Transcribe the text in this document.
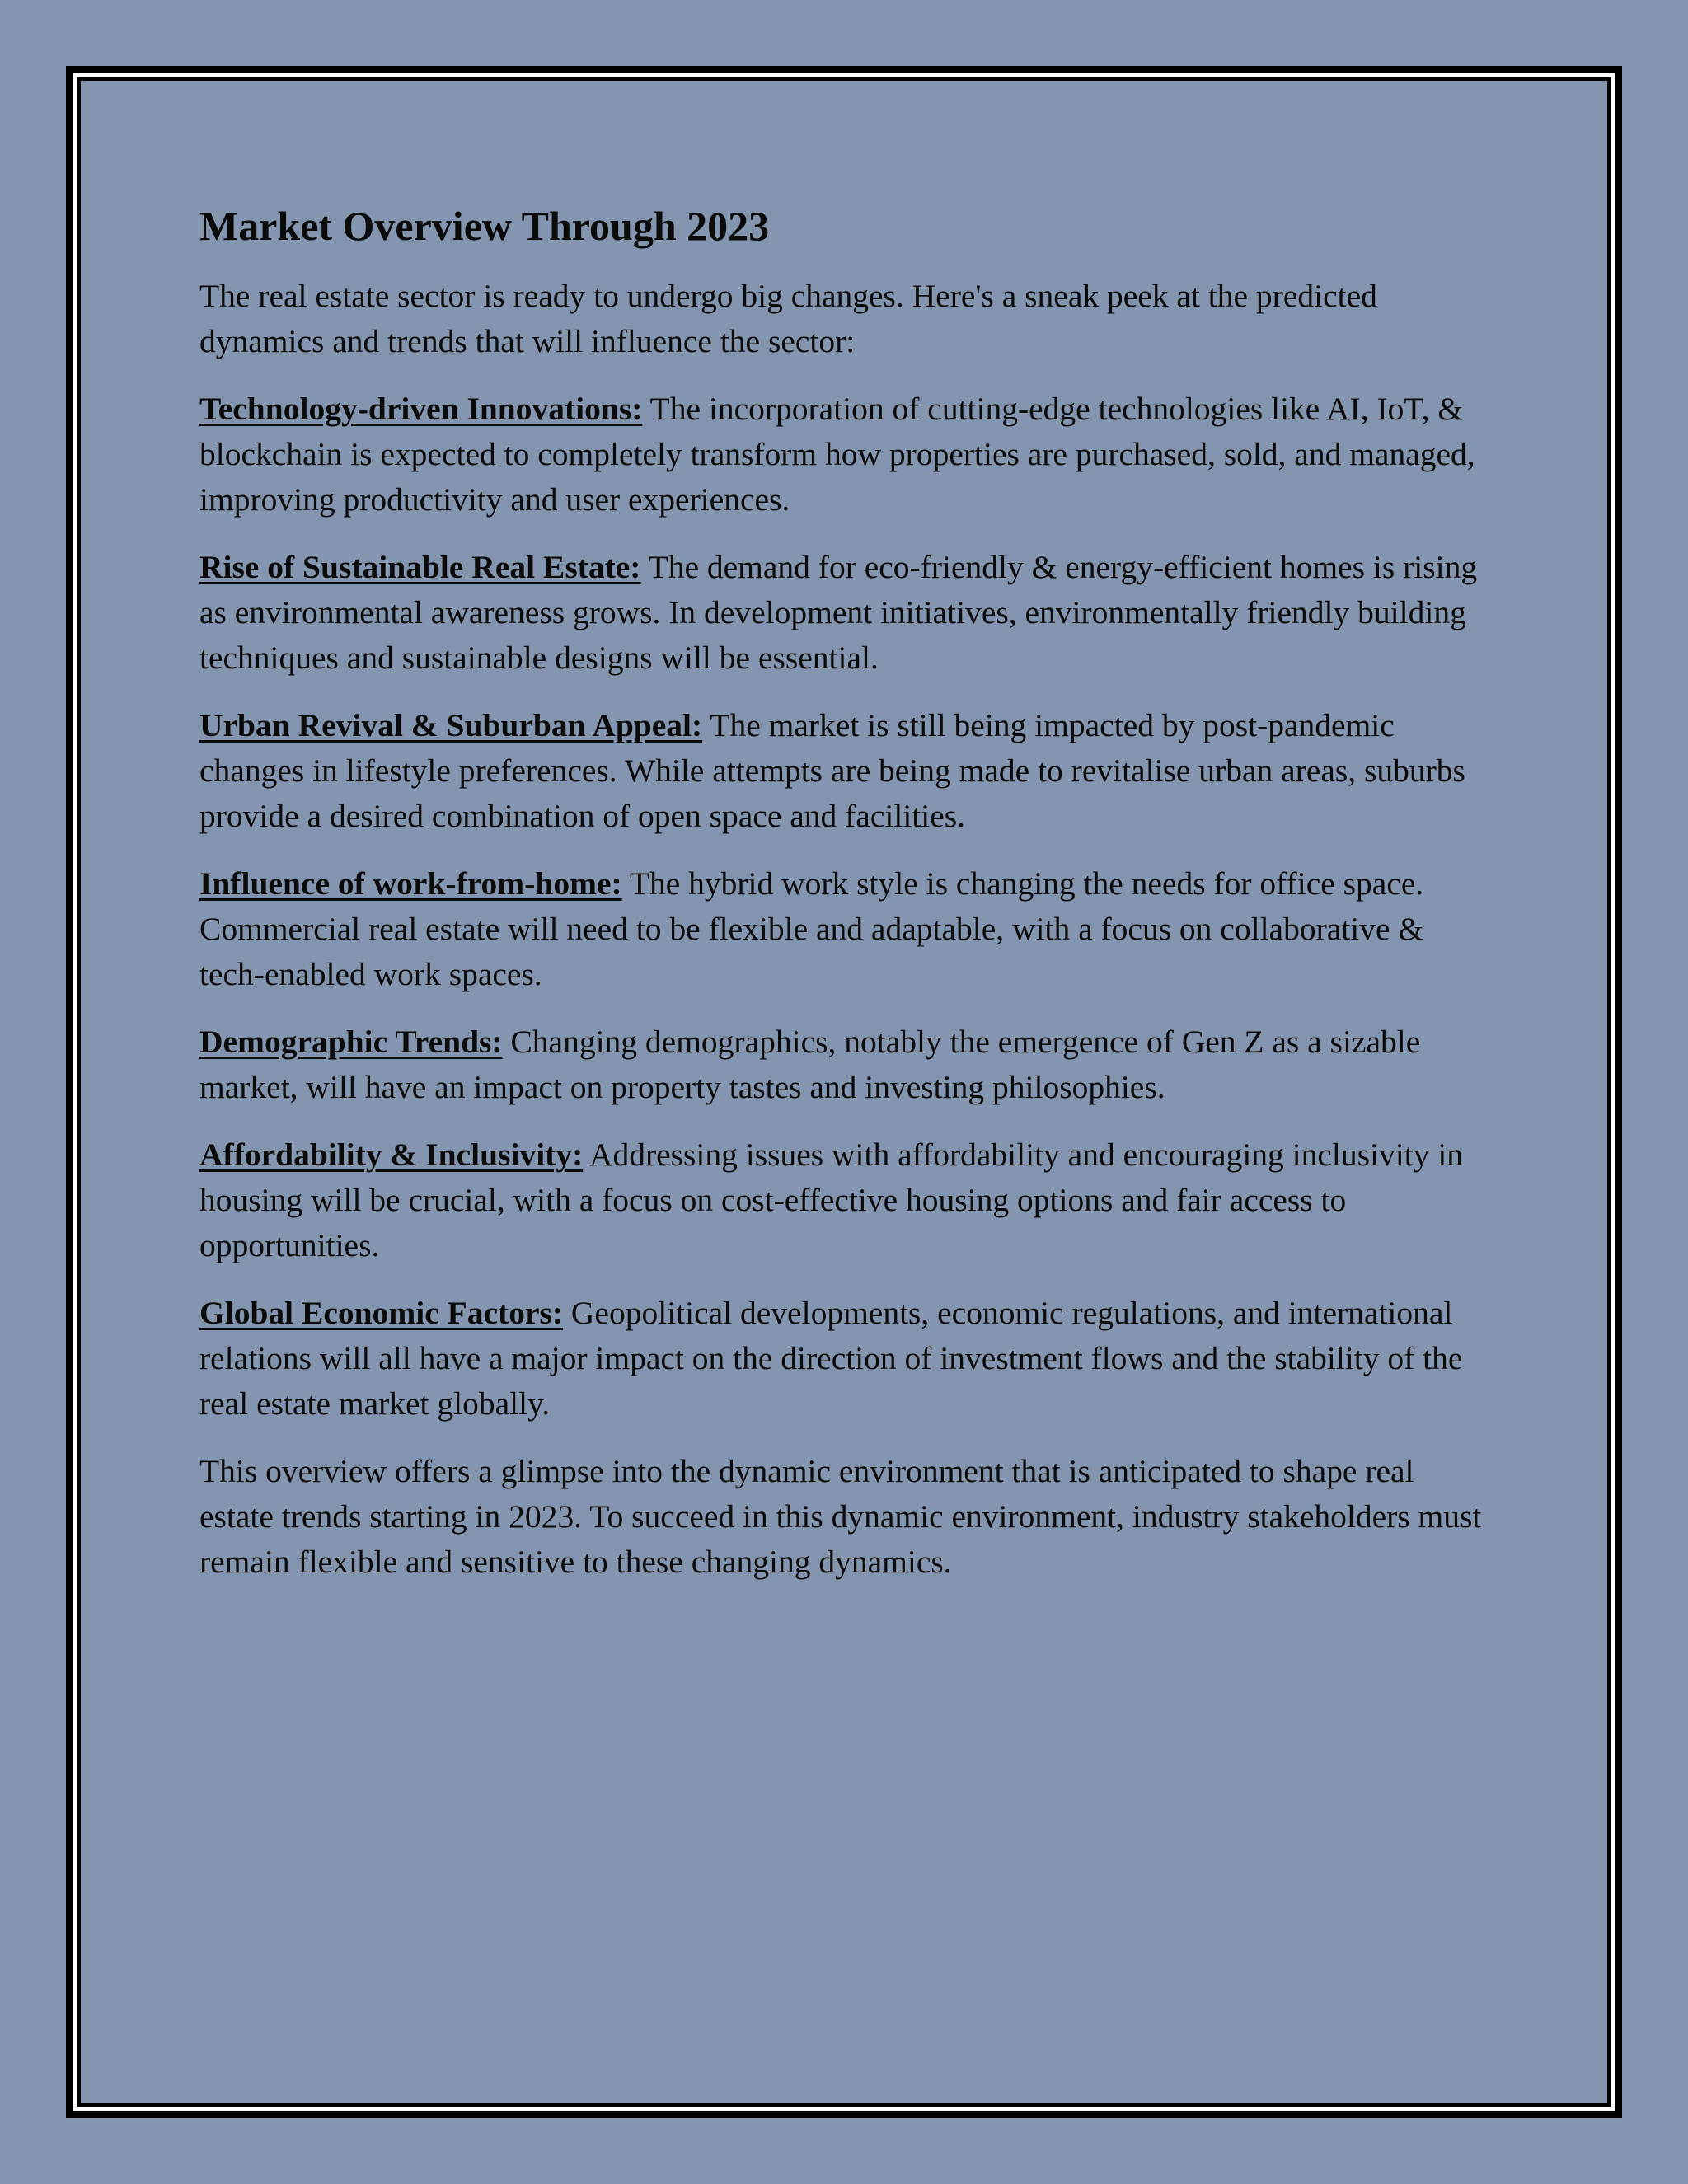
Market Overview Through 2023

The real estate sector is ready to undergo big changes. Here's a sneak peek at the predicted dynamics and trends that will influence the sector:

Technology-driven Innovations: The incorporation of cutting-edge technologies like AI, IoT, & blockchain is expected to completely transform how properties are purchased, sold, and managed, improving productivity and user experiences.

Rise of Sustainable Real Estate: The demand for eco-friendly & energy-efficient homes is rising as environmental awareness grows. In development initiatives, environmentally friendly building techniques and sustainable designs will be essential.

Urban Revival & Suburban Appeal: The market is still being impacted by post-pandemic changes in lifestyle preferences. While attempts are being made to revitalise urban areas, suburbs provide a desired combination of open space and facilities.

Influence of work-from-home: The hybrid work style is changing the needs for office space. Commercial real estate will need to be flexible and adaptable, with a focus on collaborative & tech-enabled work spaces.

Demographic Trends: Changing demographics, notably the emergence of Gen Z as a sizable market, will have an impact on property tastes and investing philosophies.

Affordability & Inclusivity: Addressing issues with affordability and encouraging inclusivity in housing will be crucial, with a focus on cost-effective housing options and fair access to opportunities.

Global Economic Factors: Geopolitical developments, economic regulations, and international relations will all have a major impact on the direction of investment flows and the stability of the real estate market globally.

This overview offers a glimpse into the dynamic environment that is anticipated to shape real estate trends starting in 2023. To succeed in this dynamic environment, industry stakeholders must remain flexible and sensitive to these changing dynamics.
